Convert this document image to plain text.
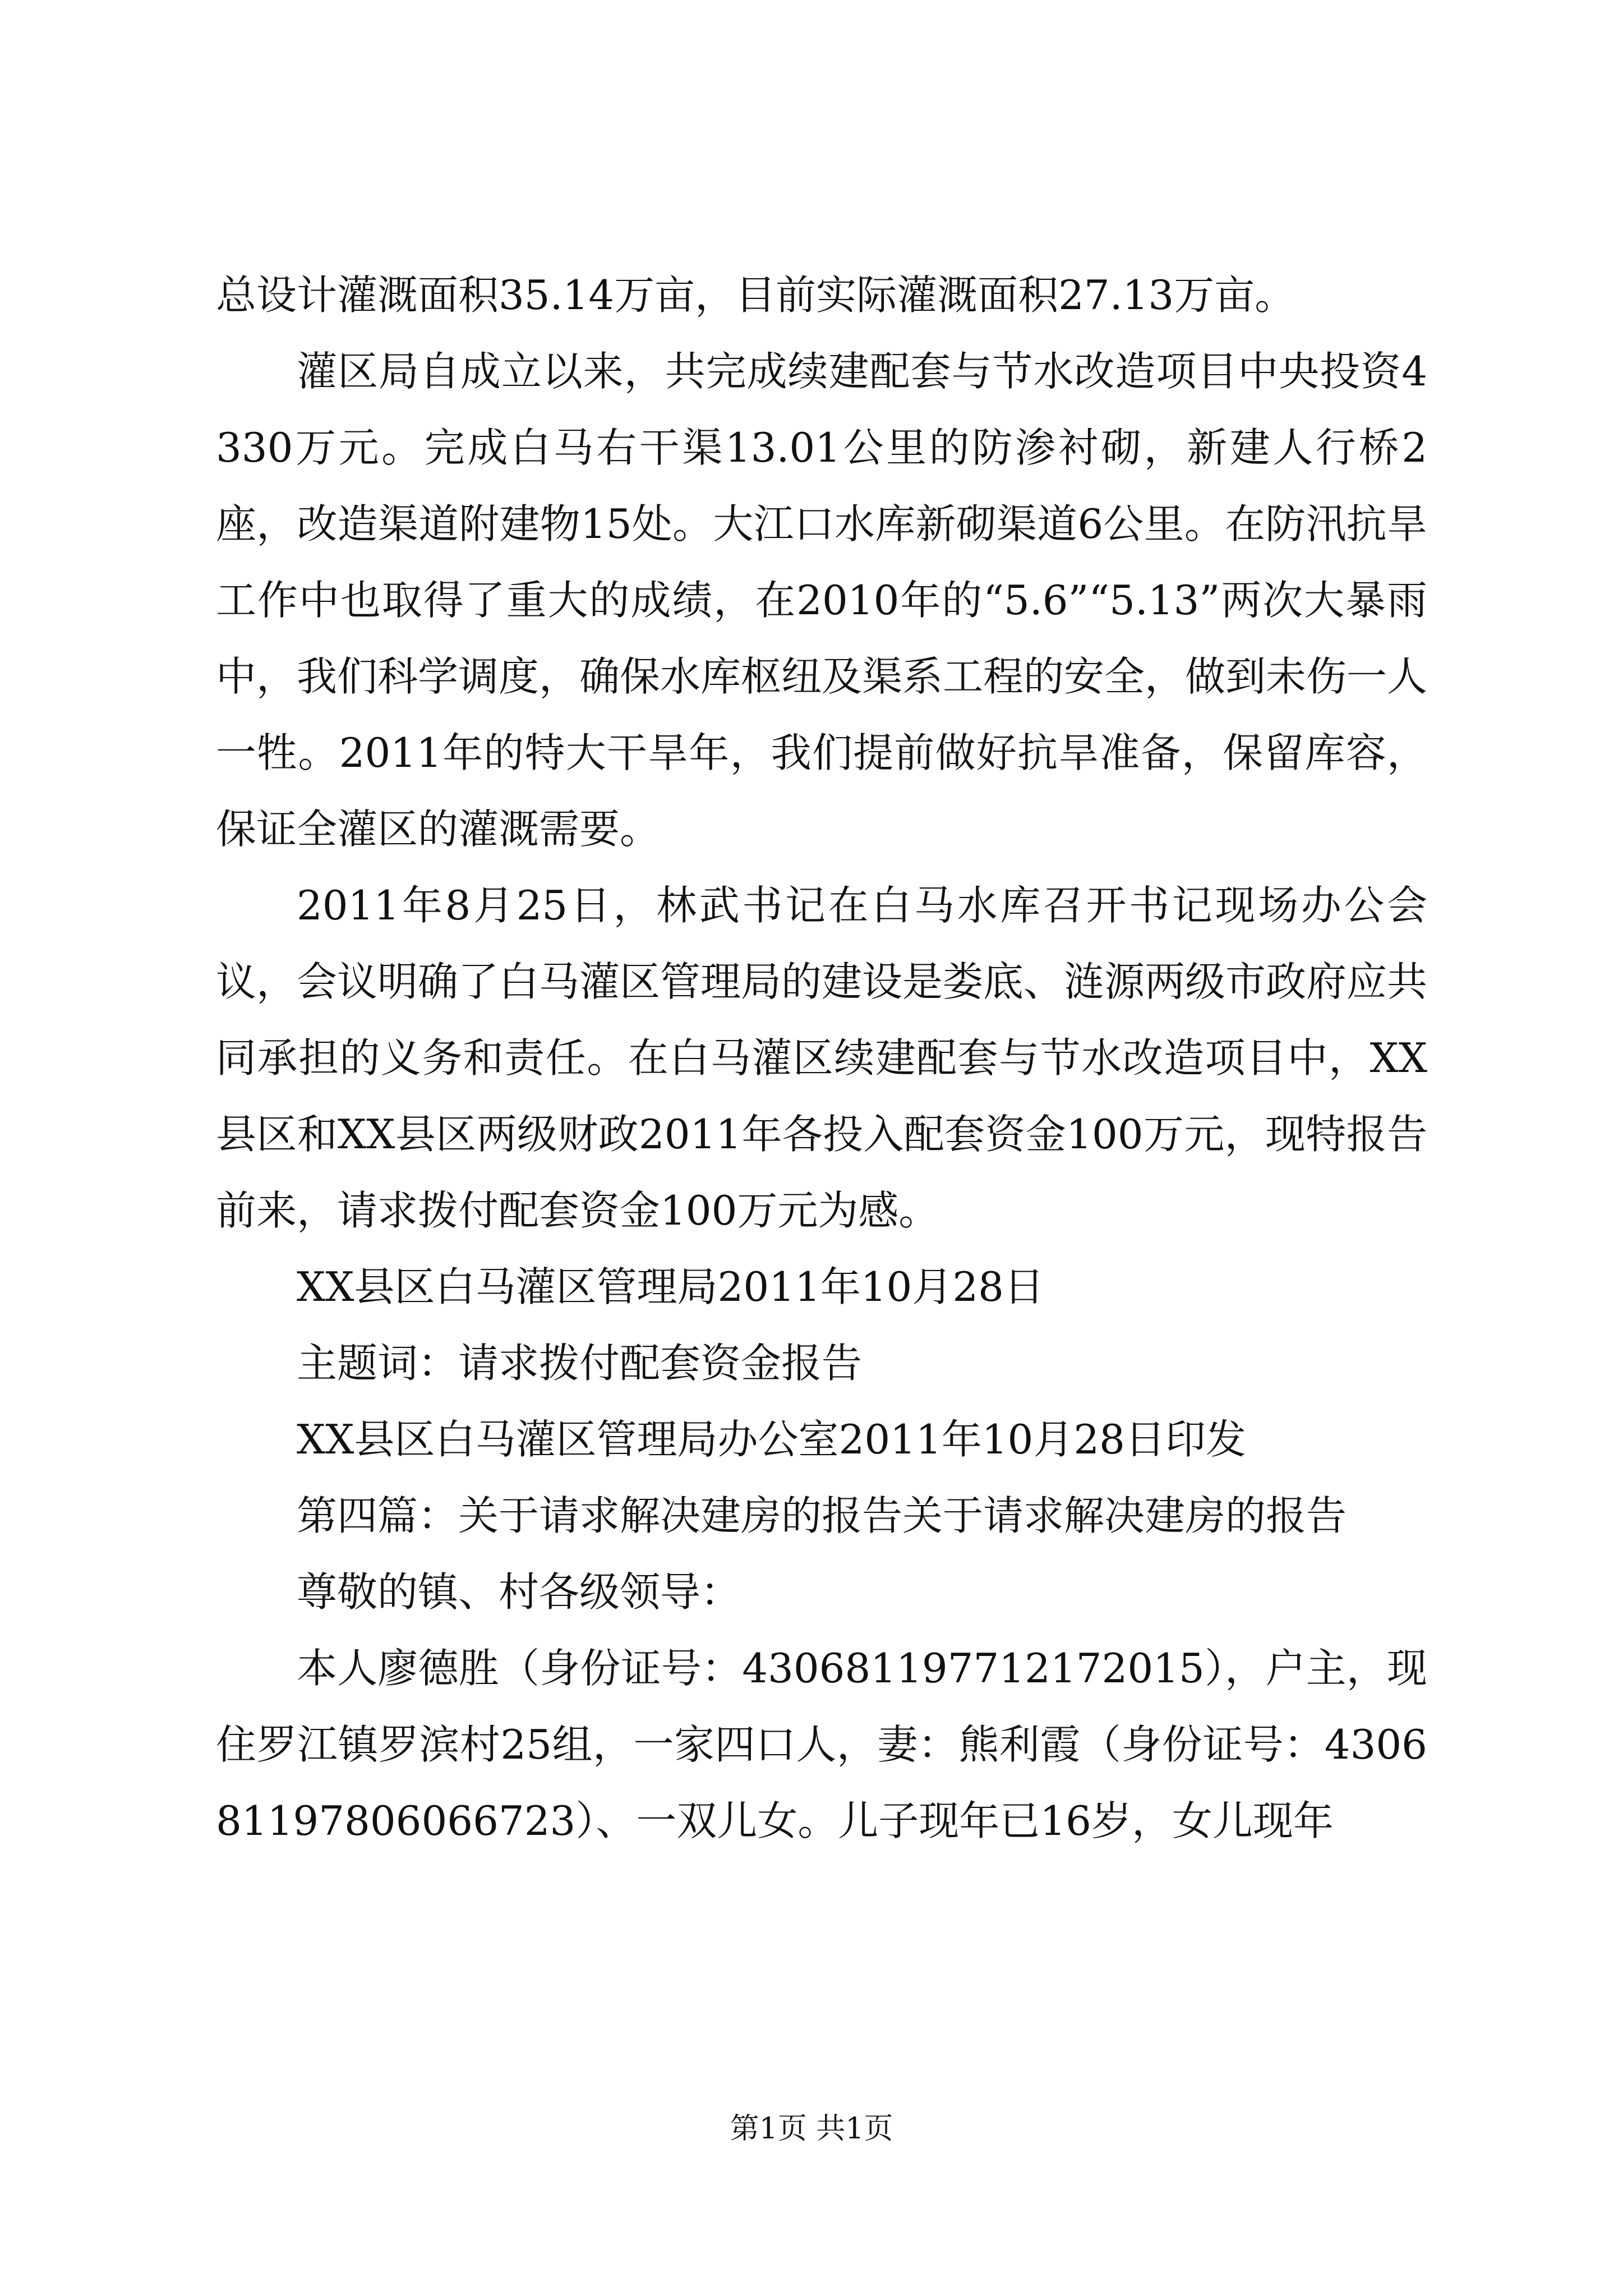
总设计灌溉面积35.14万亩，目前实际灌溉面积27.13万亩。

灌区局自成立以来，共完成续建配套与节水改造项目中央投资4330万元。完成白马右干渠13.01公里的防渗衬砌，新建人行桥2座，改造渠道附建物15处。大江口水库新砌渠道6公里。在防汛抗旱工作中也取得了重大的成绩，在2010年的“5.6”“5.13”两次大暴雨中，我们科学调度，确保水库枢纽及渠系工程的安全，做到未伤一人一牲。2011年的特大干旱年，我们提前做好抗旱准备，保留库容，保证全灌区的灌溉需要。

2011年8月25日，林武书记在白马水库召开书记现场办公会议，会议明确了白马灌区管理局的建设是娄底、涟源两级市政府应共同承担的义务和责任。在白马灌区续建配套与节水改造项目中，XX县区和XX县区两级财政2011年各投入配套资金100万元，现特报告前来，请求拨付配套资金100万元为感。

XX县区白马灌区管理局2011年10月28日

主题词：请求拨付配套资金报告

XX县区白马灌区管理局办公室2011年10月28日印发

第四篇：关于请求解决建房的报告关于请求解决建房的报告

尊敬的镇、村各级领导：

本人廖德胜（身份证号：430681197712172015），户主，现住罗江镇罗滨村25组，一家四口人，妻：熊利霞（身份证号：430681197806066723）、一双儿女。儿子现年已16岁，女儿现年

第1页 共1页
